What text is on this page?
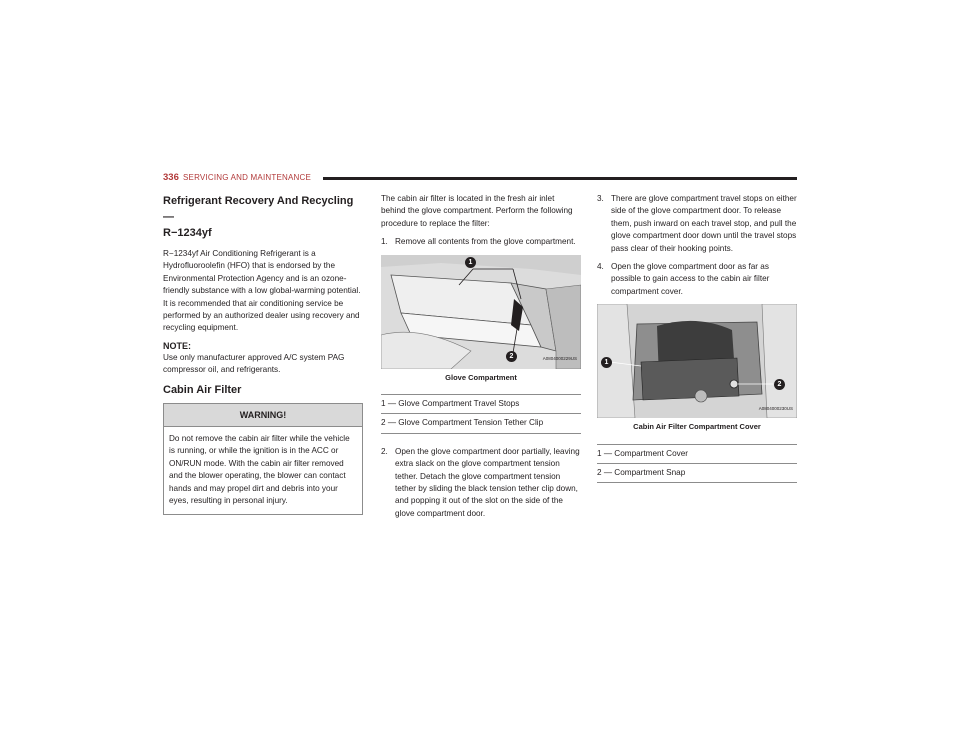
336 SERVICING AND MAINTENANCE
Refrigerant Recovery And Recycling —
R−1234yf

R−1234yf Air Conditioning Refrigerant is a Hydrofluoroolefin (HFO) that is endorsed by the Environmental Protection Agency and is an ozone-friendly substance with a low global-warming potential. It is recommended that air conditioning service be performed by an authorized dealer using recovery and recycling equipment.

NOTE:

Use only manufacturer approved A/C system PAG compressor oil, and refrigerants.

Cabin Air Filter
WARNING!
Do not remove the cabin air filter while the vehicle is running, or while the ignition is in the ACC or ON/RUN mode. With the cabin air filter removed and the blower operating, the blower can contact hands and may propel dirt and debris into your eyes, resulting in personal injury.

The cabin air filter is located in the fresh air inlet behind the glove compartment. Perform the following procedure to replace the filter:

1. Remove all contents from the glove compartment.
1
2	A0804000229US
Glove Compartment
1 — Glove Compartment Travel Stops
2 — Glove Compartment Tension Tether Clip
2. Open the glove compartment door partially, leaving extra slack on the glove compartment tension tether. Detach the glove compartment tension tether by sliding the black tension tether clip down, and popping it out of the slot on the side of the glove compartment door.
3. There are glove compartment travel stops on either side of the glove compartment door. To release them, push inward on each travel stop, and pull the glove compartment door down until the travel stops pass clear of their hooking points.
4. Open the glove compartment door as far as possible to gain access to the cabin air filter compartment cover.
1
2
A0804000230US
Cabin Air Filter Compartment Cover
1 — Compartment Cover
2 — Compartment Snap
